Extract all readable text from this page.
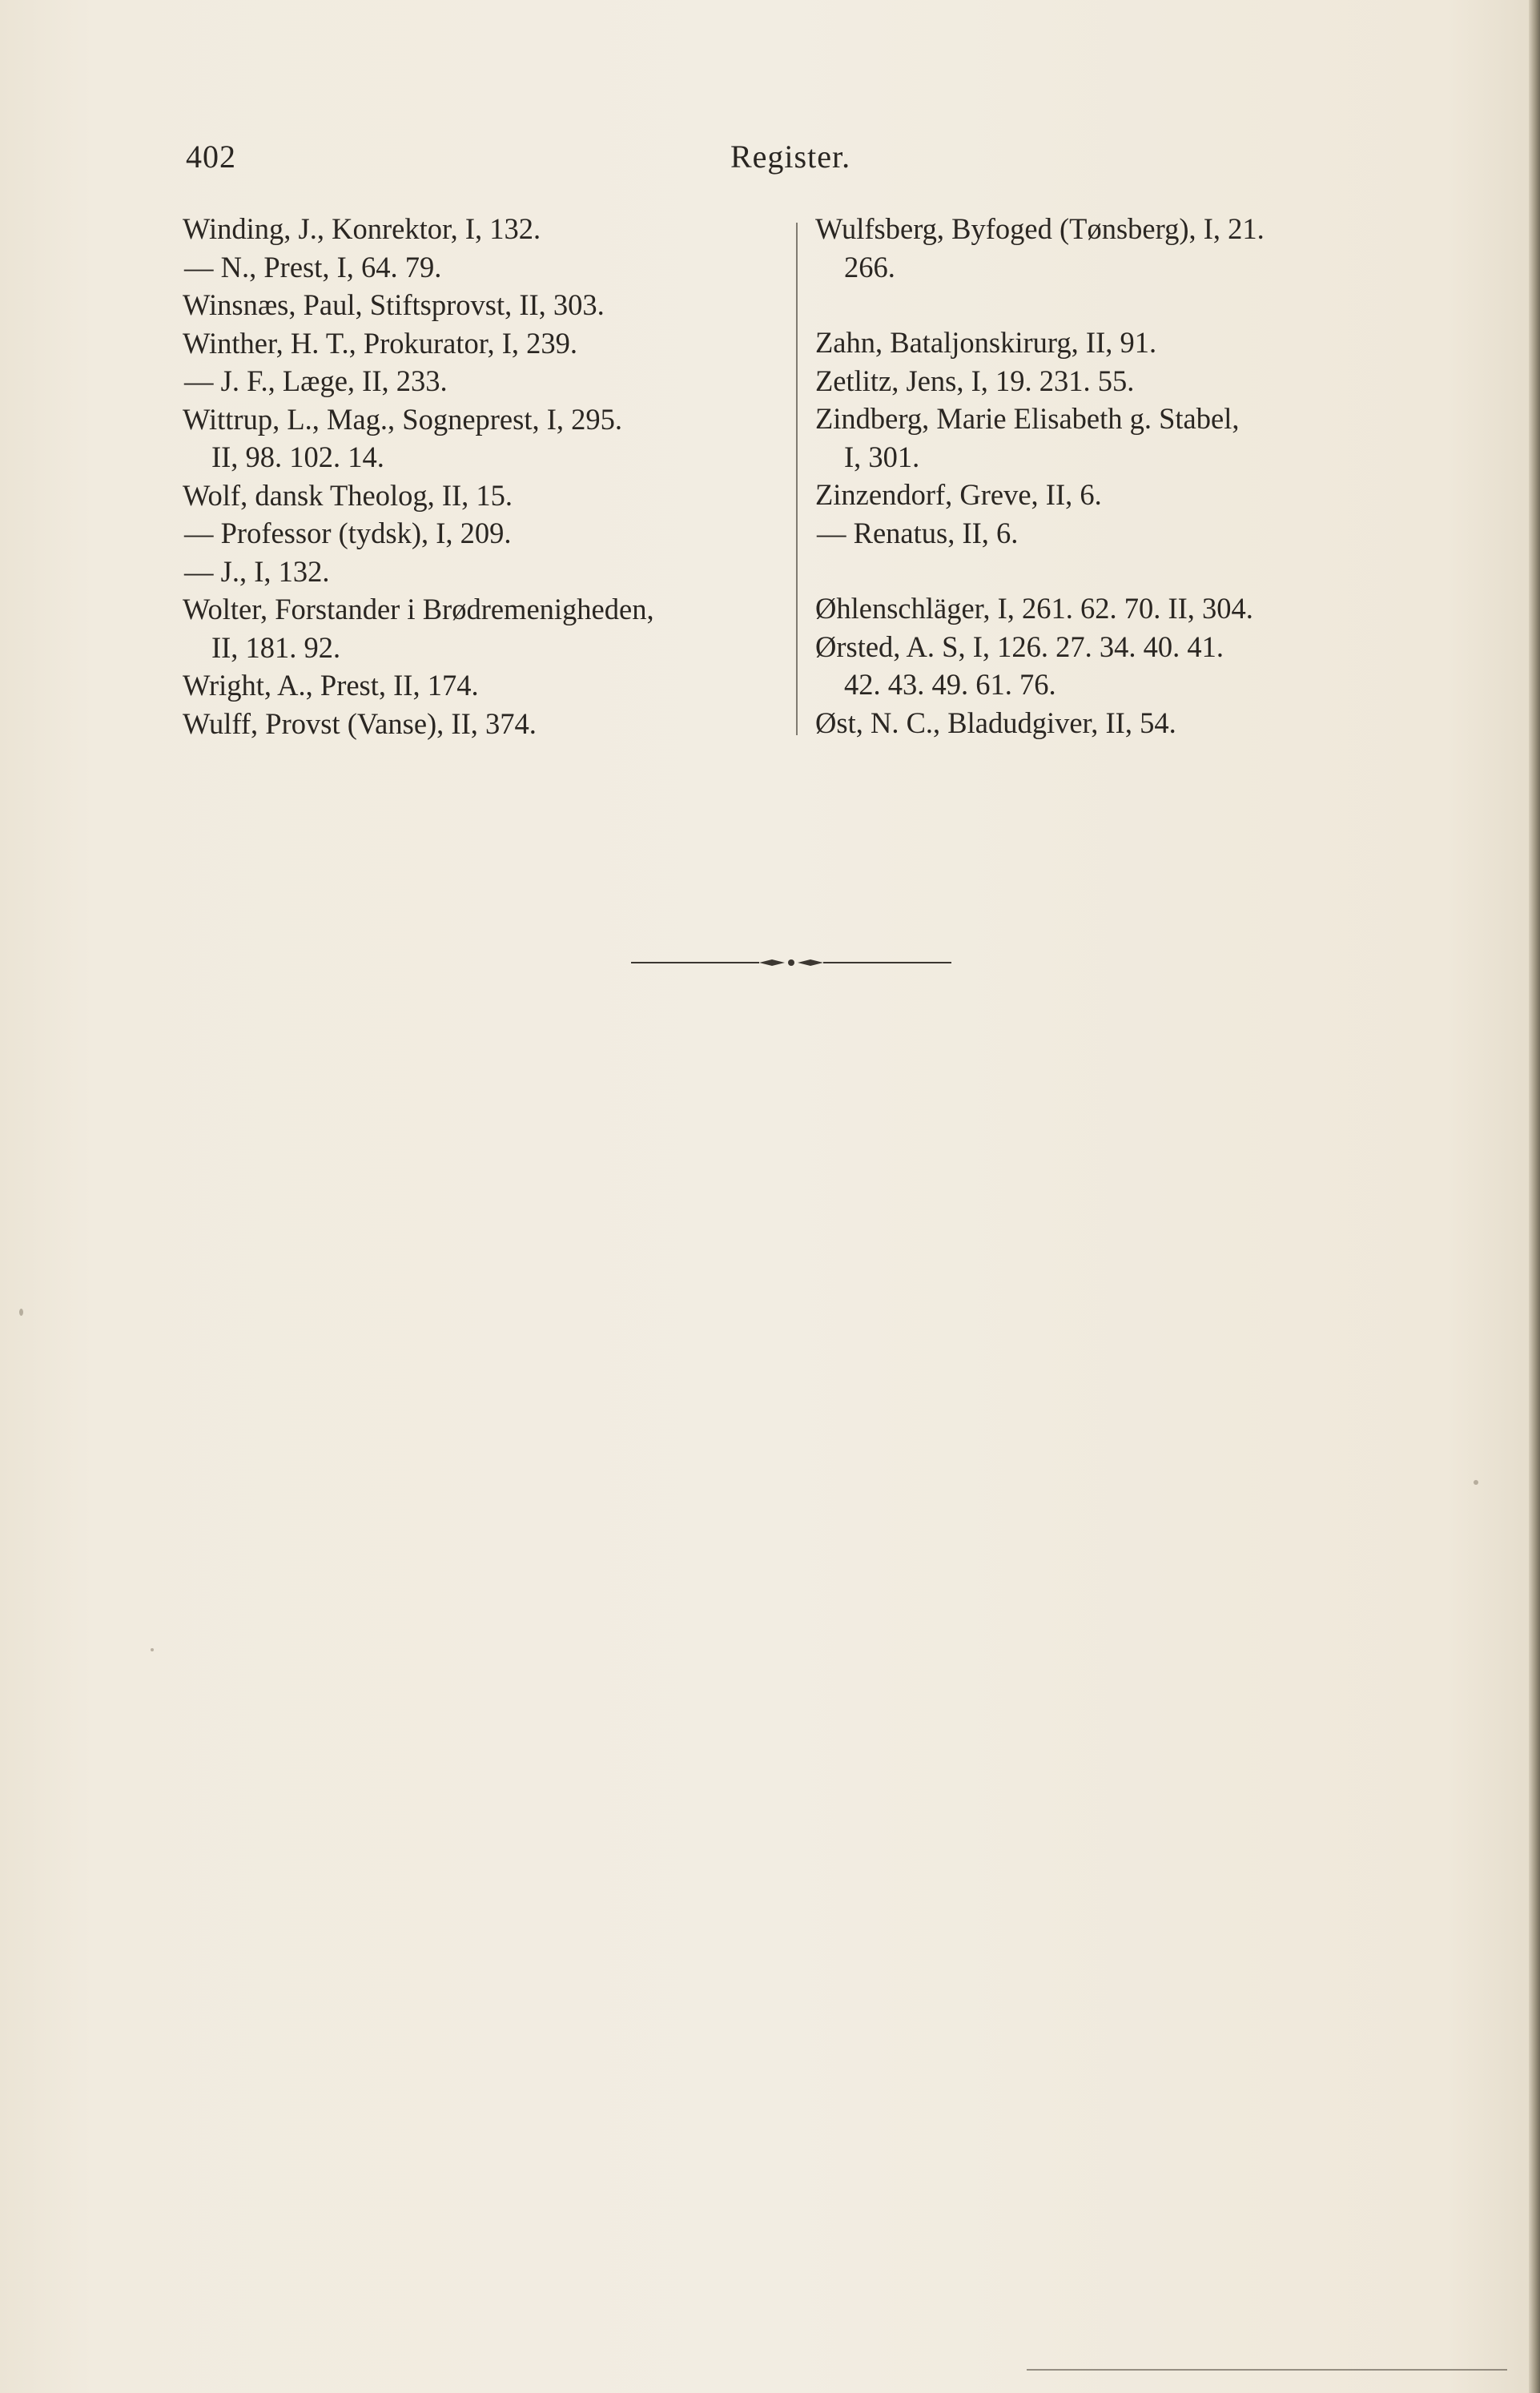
402	Register.
Winding, J., Konrektor, I, 132.
— N., Prest, I, 64. 79.
Winsnæs, Paul, Stiftsprovst, II, 303.
Winther, H. T., Prokurator, I, 239.
— J. F., Læge, II, 233.
Wittrup, L., Mag., Sogneprest, I, 295.
II, 98. 102. 14.
Wolf, dansk Theolog, II, 15.
— Professor (tydsk), I, 209.
— J., I, 132.
Wolter, Forstander i Brødremenigheden,
II, 181. 92.
Wright, A., Prest, II, 174.
Wulff, Provst (Vanse), II, 374.
Wulfsberg, Byfoged (Tønsberg), I, 21.
266.
Zahn, Bataljonskirurg, II, 91.
Zetlitz, Jens, I, 19. 231. 55.
Zindberg, Marie Elisabeth g. Stabel,
I, 301.
Zinzendorf, Greve, II, 6.
— Renatus, II, 6.
Øhlenschläger, I, 261. 62. 70. II, 304.
Ørsted, A. S, I, 126. 27. 34. 40. 41.
42. 43. 49. 61. 76.
Øst, N. C., Bladudgiver, II, 54.
